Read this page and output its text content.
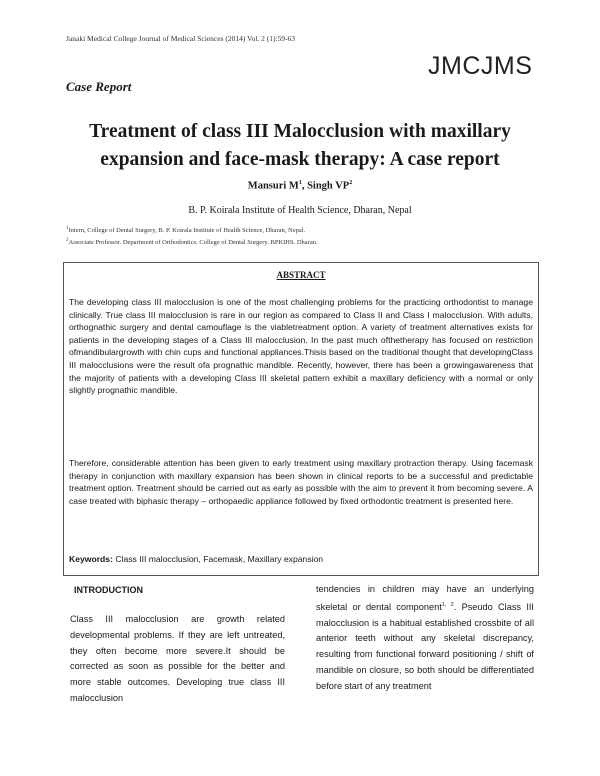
Janaki Medical College Journal of Medical Sciences (2014) Vol. 2 (1):59-63
JMCJMS
Case Report
Treatment of class III Malocclusion with maxillary expansion and face-mask therapy: A case report
Mansuri $M^1$, Singh $VP^2$
B. P. Koirala Institute of Health Science, Dharan, Nepal
$^1$Intern, College of Dental Surgery, B. P. Koirala Institute of Health Science, Dharan, Nepal.
$^2$Associate Professor. Department of Orthodontics. College of Dental Surgery. BPKIHS. Dharan.
ABSTRACT
The developing class III malocclusion is one of the most challenging problems for the practicing orthodontist to manage clinically. True class III malocclusion is rare in our region as compared to Class II and Class I malocclusion. With adults, orthognathic surgery and dental camouflage is the viabletreatment option. A variety of treatment alternatives exists for patients in the developing stages of a Class III malocclusion. In the past much ofthetherapy has focused on restriction ofmandibulargrowth with chin cups and functional appliances.Thisis based on the traditional thought that developingClass III malocclusions were the result ofa prognathic mandible. Recently, however, there has been a growingawareness that the majority of patients with a developing Class III skeletal pattern exhibit a maxillary deficiency with a normal or only slightly prognathic mandible.
Therefore, considerable attention has been given to early treatment using maxillary protraction therapy. Using facemask therapy in conjunction with maxillary expansion has been shown in clinical reports to be a successful and predictable treatment option. Treatment should be carried out as early as possible with the aim to prevent it from becoming severe. A case treated with biphasic therapy – orthopaedic appliance followed by fixed orthodontic treatment is presented here.
Keywords: Class III malocclusion, Facemask, Maxillary expansion
INTRODUCTION
Class III malocclusion are growth related developmental problems. If they are left untreated, they often become more severe.It should be corrected as soon as possible for the better and more stable outcomes. Developing true class III malocclusion
tendencies in children may have an underlying skeletal or dental component$^{1, 2}$. Pseudo Class III malocclusion is a habitual established crossbite of all anterior teeth without any skeletal discrepancy, resulting from functional forward positioning / shift of mandible on closure, so both should be differentiated before start of any treatment
